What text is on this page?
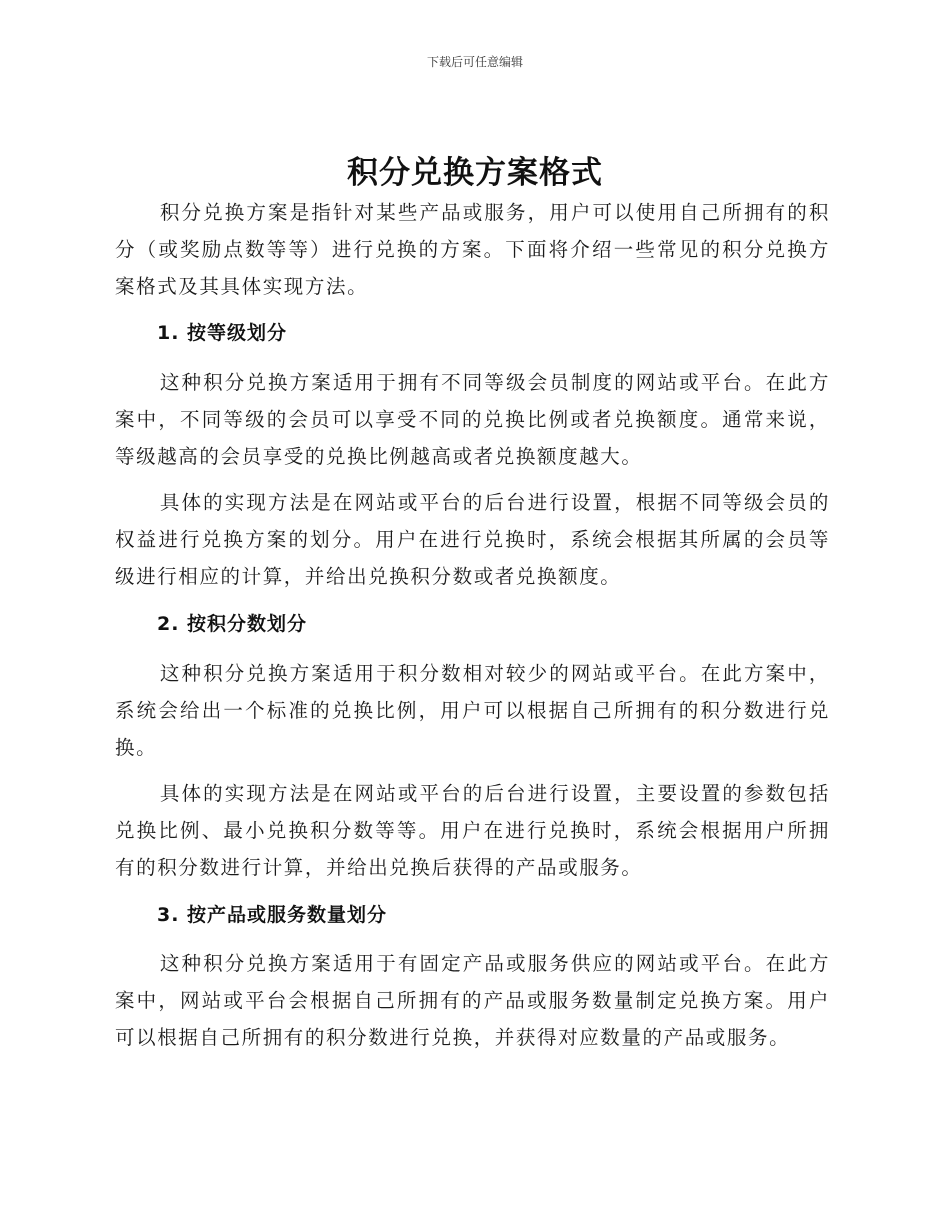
下载后可任意编辑
积分兑换方案格式

积分兑换方案是指针对某些产品或服务，用户可以使用自己所拥有的积分（或奖励点数等等）进行兑换的方案。下面将介绍一些常见的积分兑换方案格式及其具体实现方法。

1. 按等级划分

这种积分兑换方案适用于拥有不同等级会员制度的网站或平台。在此方案中，不同等级的会员可以享受不同的兑换比例或者兑换额度。通常来说，等级越高的会员享受的兑换比例越高或者兑换额度越大。

具体的实现方法是在网站或平台的后台进行设置，根据不同等级会员的权益进行兑换方案的划分。用户在进行兑换时，系统会根据其所属的会员等级进行相应的计算，并给出兑换积分数或者兑换额度。

2. 按积分数划分

这种积分兑换方案适用于积分数相对较少的网站或平台。在此方案中，系统会给出一个标准的兑换比例，用户可以根据自己所拥有的积分数进行兑换。

具体的实现方法是在网站或平台的后台进行设置，主要设置的参数包括兑换比例、最小兑换积分数等等。用户在进行兑换时，系统会根据用户所拥有的积分数进行计算，并给出兑换后获得的产品或服务。

3. 按产品或服务数量划分

这种积分兑换方案适用于有固定产品或服务供应的网站或平台。在此方案中，网站或平台会根据自己所拥有的产品或服务数量制定兑换方案。用户可以根据自己所拥有的积分数进行兑换，并获得对应数量的产品或服务。
